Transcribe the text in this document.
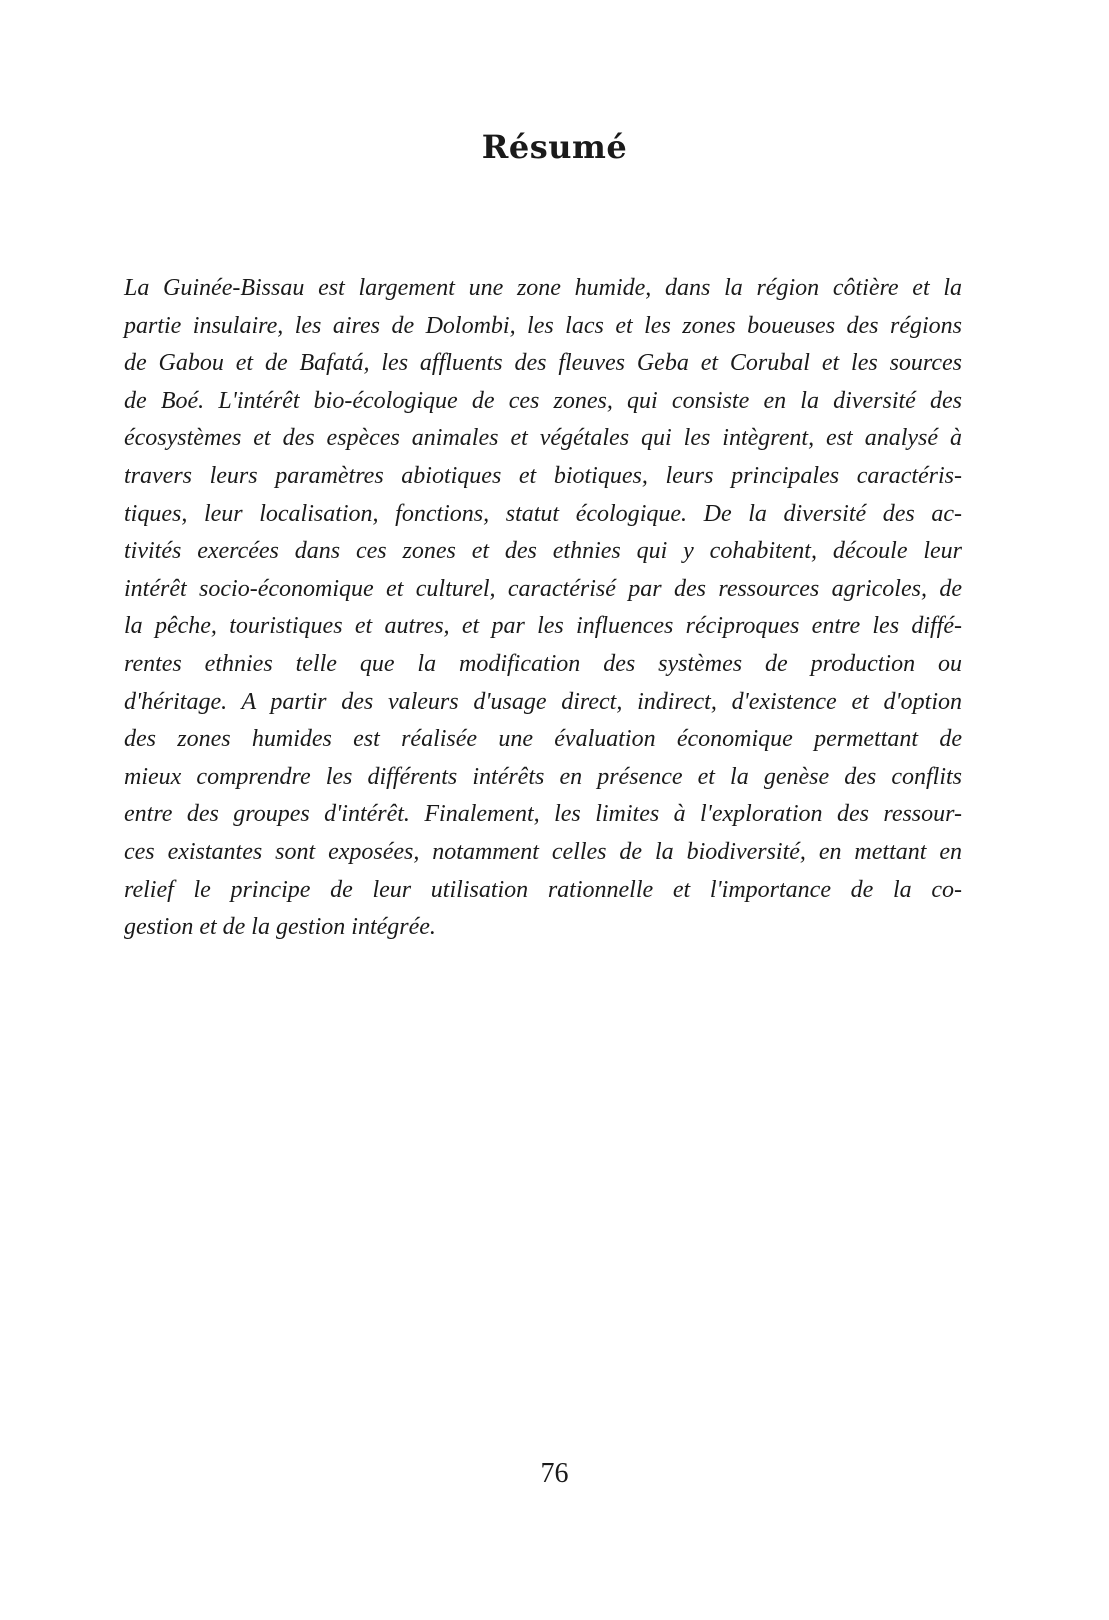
Résumé
La Guinée-Bissau est largement une zone humide, dans la région côtière et la
partie insulaire, les aires de Dolombi, les lacs et les zones boueuses des régions
de Gabou et de Bafatá, les affluents des fleuves Geba et Corubal et les sources
de Boé. L'intérêt bio-écologique de ces zones, qui consiste en la diversité des
écosystèmes et des espèces animales et végétales qui les intègrent, est analysé à
travers leurs paramètres abiotiques et biotiques, leurs principales caractéris-
tiques, leur localisation, fonctions, statut écologique. De la diversité des ac-
tivités exercées dans ces zones et des ethnies qui y cohabitent, découle leur
intérêt socio-économique et culturel, caractérisé par des ressources agricoles, de
la pêche, touristiques et autres, et par les influences réciproques entre les diffé-
rentes ethnies telle que la modification des systèmes de production ou
d'héritage. A partir des valeurs d'usage direct, indirect, d'existence et d'option
des zones humides est réalisée une évaluation économique permettant de
mieux comprendre les différents intérêts en présence et la genèse des conflits
entre des groupes d'intérêt. Finalement, les limites à l'exploration des ressour-
ces existantes sont exposées, notamment celles de la biodiversité, en mettant en
relief le principe de leur utilisation rationnelle et l'importance de la co-
gestion et de la gestion intégrée.

76
